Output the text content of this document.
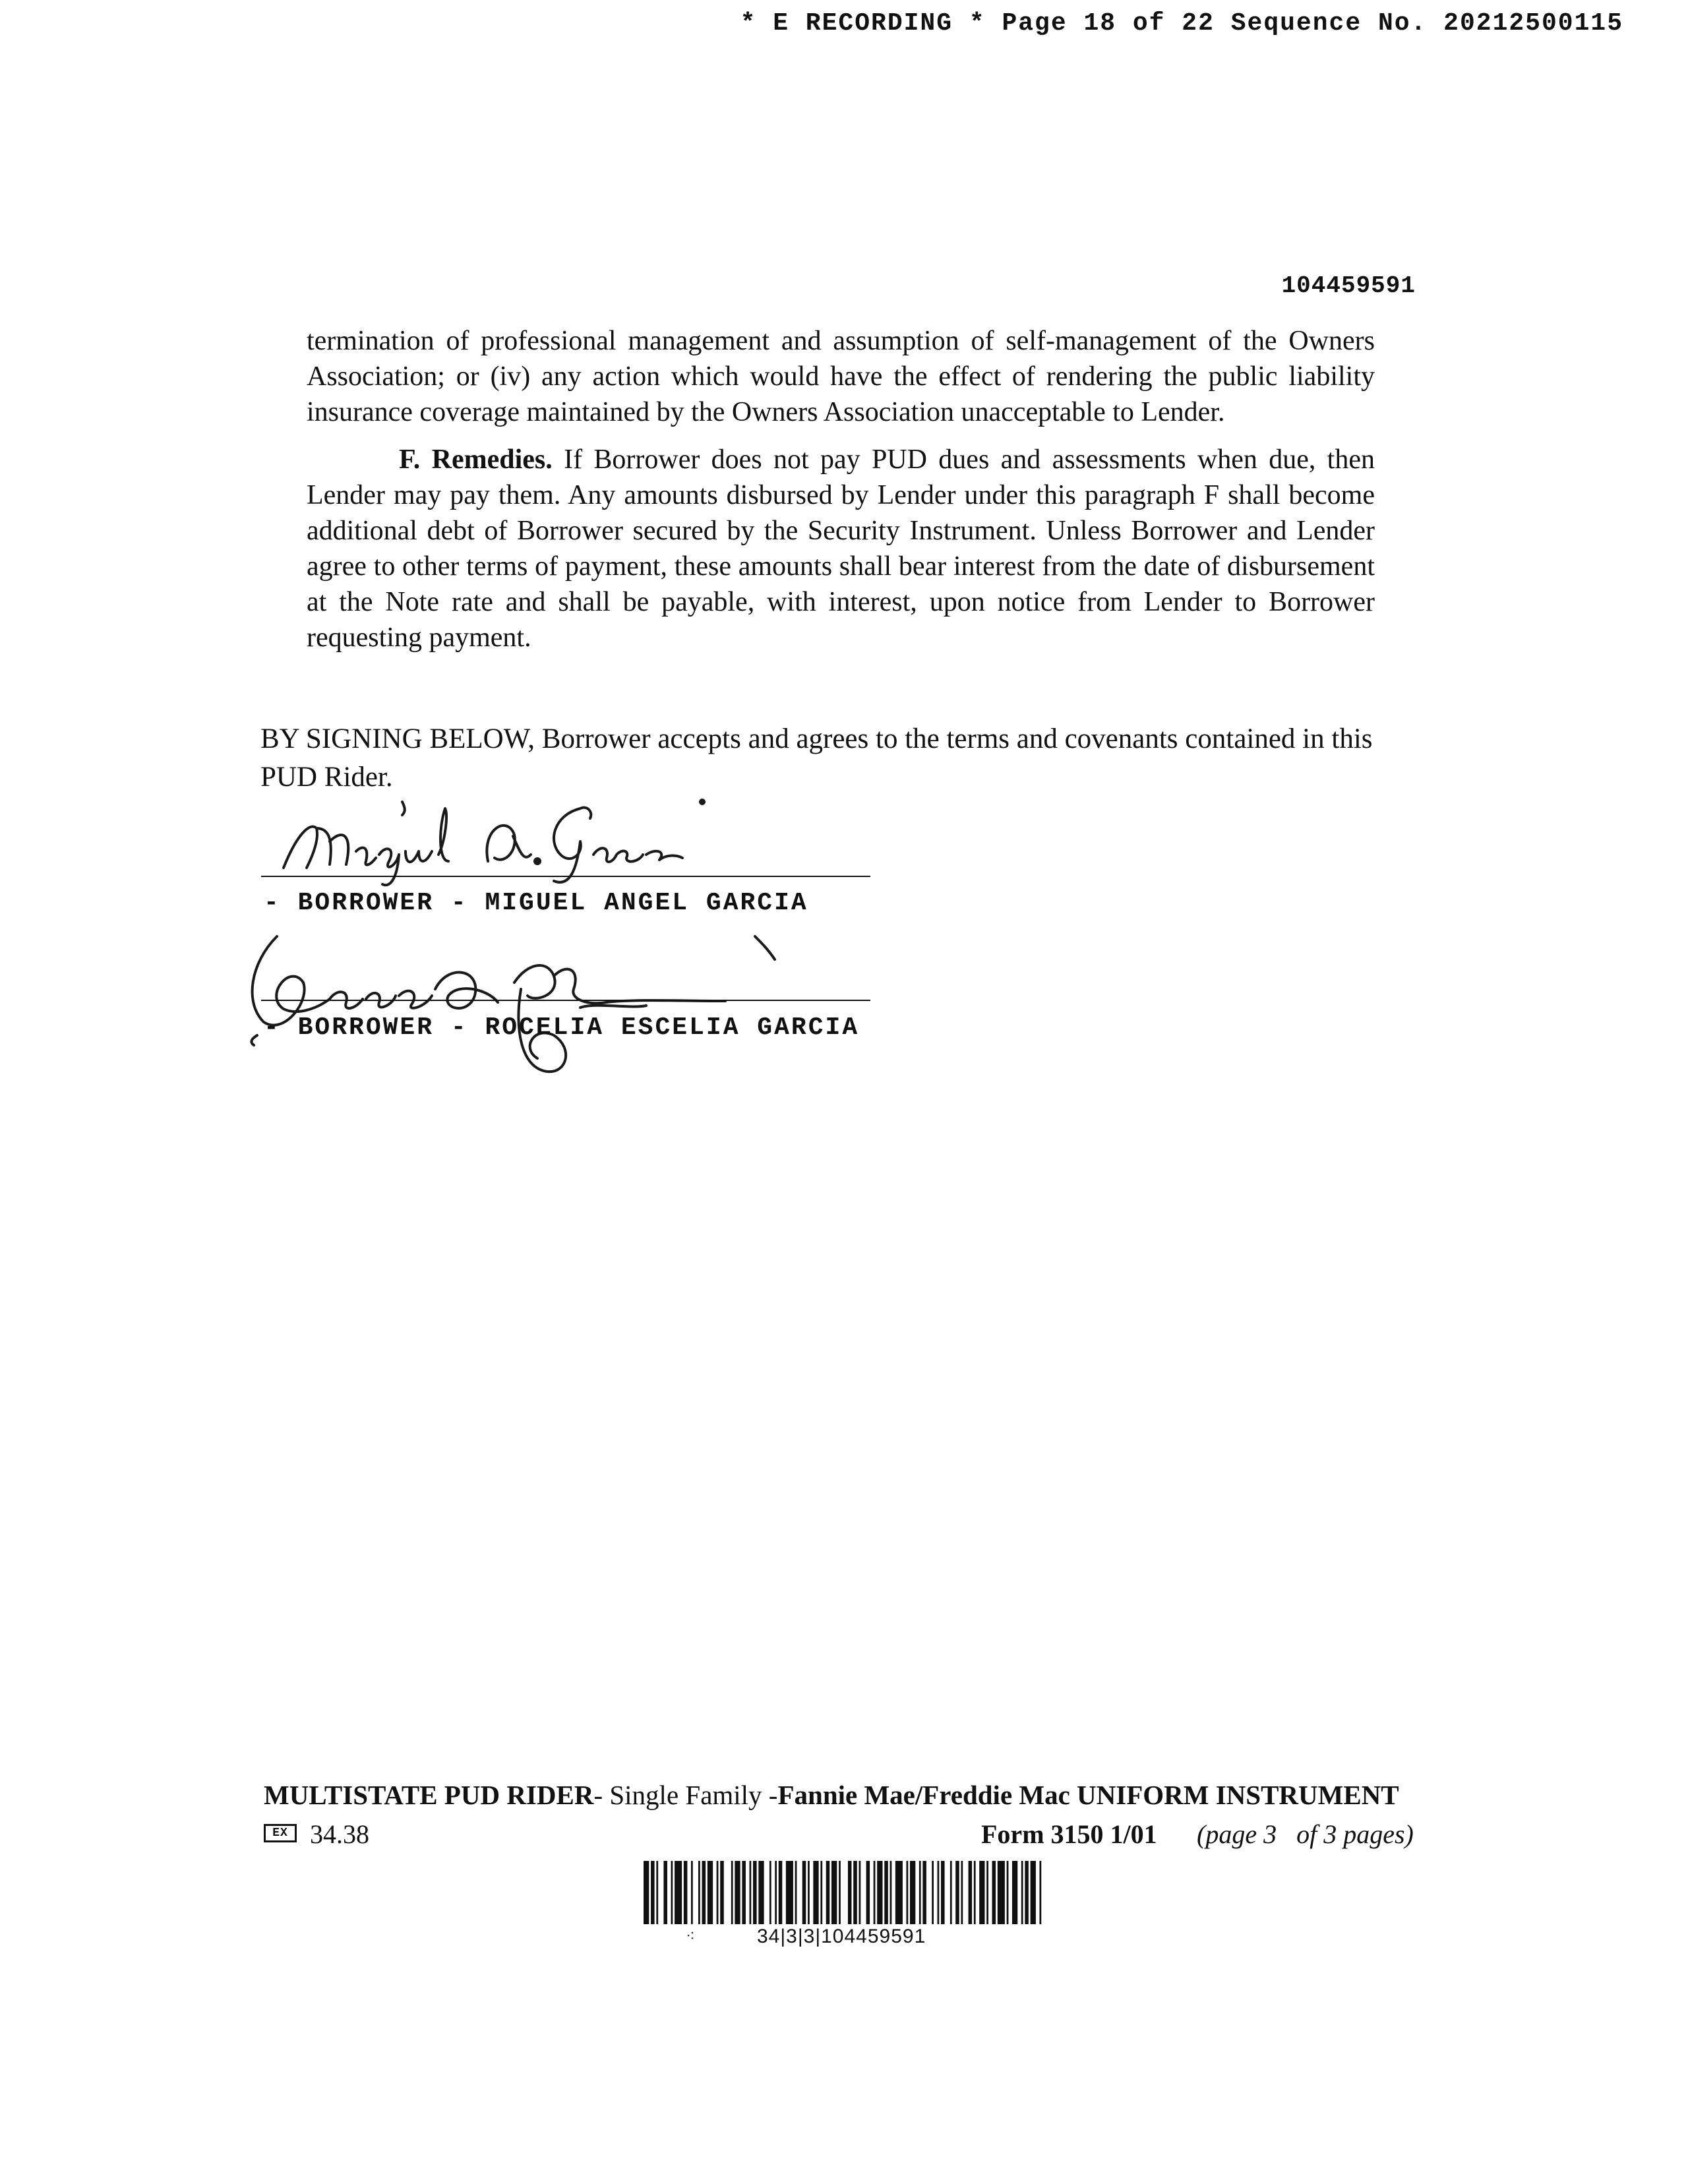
* E RECORDING * Page 18 of 22 Sequence No. 20212500115
104459591
termination of professional management and assumption of self-management of the Owners Association; or (iv) any action which would have the effect of rendering the public liability insurance coverage maintained by the Owners Association unacceptable to Lender.
F. Remedies. If Borrower does not pay PUD dues and assessments when due, then Lender may pay them. Any amounts disbursed by Lender under this paragraph F shall become additional debt of Borrower secured by the Security Instrument. Unless Borrower and Lender agree to other terms of payment, these amounts shall bear interest from the date of disbursement at the Note rate and shall be payable, with interest, upon notice from Lender to Borrower requesting payment.
BY SIGNING BELOW, Borrower accepts and agrees to the terms and covenants contained in this PUD Rider.
- BORROWER - MIGUEL ANGEL GARCIA
- BORROWER - ROCELIA ESCELIA GARCIA
MULTISTATE PUD RIDER- Single Family -Fannie Mae/Freddie Mac UNIFORM INSTRUMENT
EX 34.38	Form 3150 1/01 (page 3   of 3 pages)
⁖	34|3|3|104459591
